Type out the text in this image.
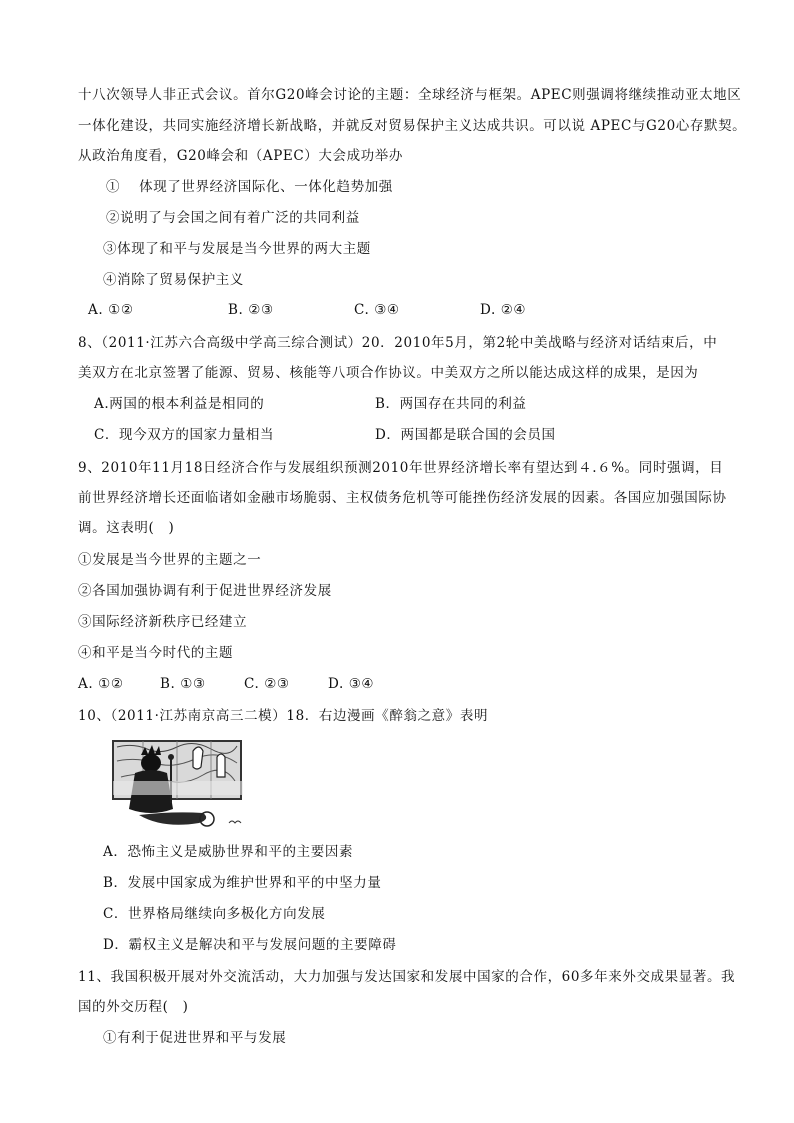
十八次领导人非正式会议。首尔G20峰会讨论的主题：全球经济与框架。APEC则强调将继续推动亚太地区
一体化建设，共同实施经济增长新战略，并就反对贸易保护主义达成共识。可以说 APEC与G20心存默契。
从政治角度看，G20峰会和（APEC）大会成功举办
①　 体现了世界经济国际化、一体化趋势加强
②说明了与会国之间有着广泛的共同利益
③体现了和平与发展是当今世界的两大主题
④消除了贸易保护主义
A. ①②	B. ②③	C. ③④	D. ②④
8、（2011·江苏六合高级中学高三综合测试）20．2010年5月，第2轮中美战略与经济对话结束后，中
美双方在北京签署了能源、贸易、核能等八项合作协议。中美双方之所以能达成这样的成果，是因为
A.两国的根本利益是相同的	B．两国存在共同的利益
C．现今双方的国家力量相当	D．两国都是联合国的会员国
9、2010年11月18日经济合作与发展组织预测2010年世界经济增长率有望达到４.６%。同时强调，目
前世界经济增长还面临诸如金融市场脆弱、主权债务危机等可能挫伤经济发展的因素。各国应加强国际协
调。这表明(　)
①发展是当今世界的主题之一
②各国加强协调有利于促进世界经济发展
③国际经济新秩序已经建立
④和平是当今时代的主题
A. ①②	B. ①③	C. ②③	D. ③④
10、（2011·江苏南京高三二模）18．右边漫画《醉翁之意》表明
A．恐怖主义是威胁世界和平的主要因素
B．发展中国家成为维护世界和平的中坚力量
C．世界格局继续向多极化方向发展
D．霸权主义是解决和平与发展问题的主要障碍
11、我国积极开展对外交流活动，大力加强与发达国家和发展中国家的合作，60多年来外交成果显著。我
国的外交历程(　)
①有利于促进世界和平与发展
